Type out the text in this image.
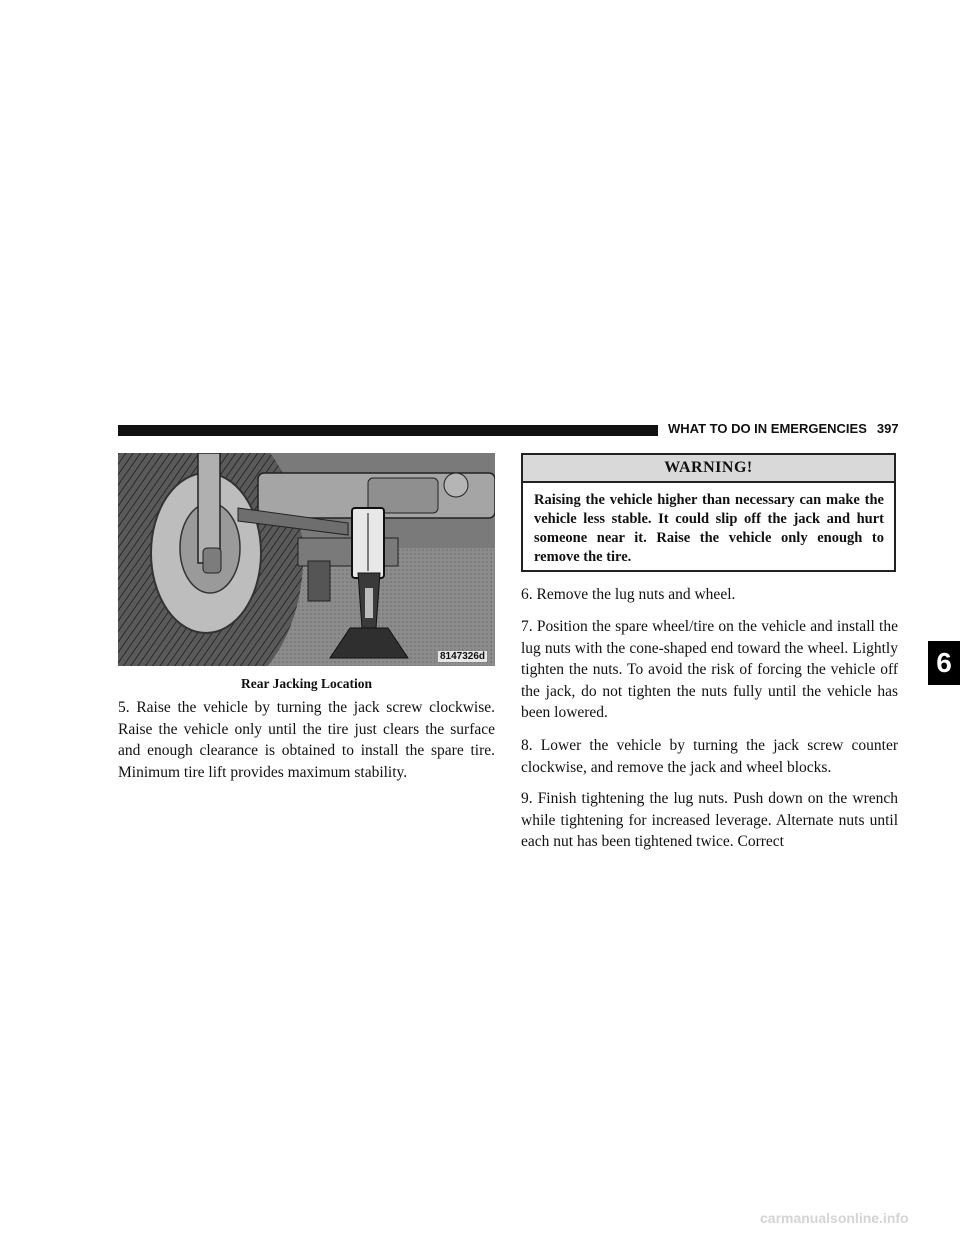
WHAT TO DO IN EMERGENCIES 397
8147326d
Rear Jacking Location

5. Raise the vehicle by turning the jack screw clockwise. Raise the vehicle only until the tire just clears the surface and enough clearance is obtained to install the spare tire. Minimum tire lift provides maximum stability.

WARNING!
Raising the vehicle higher than necessary can make the vehicle less stable. It could slip off the jack and hurt someone near it. Raise the vehicle only enough to remove the tire.

6. Remove the lug nuts and wheel.

7. Position the spare wheel/tire on the vehicle and install the lug nuts with the cone-shaped end toward the wheel. Lightly tighten the nuts. To avoid the risk of forcing the vehicle off the jack, do not tighten the nuts fully until the vehicle has been lowered.

8. Lower the vehicle by turning the jack screw counter clockwise, and remove the jack and wheel blocks.

9. Finish tightening the lug nuts. Push down on the wrench while tightening for increased leverage. Alternate nuts until each nut has been tightened twice. Correct

6
carmanualsonline.info
